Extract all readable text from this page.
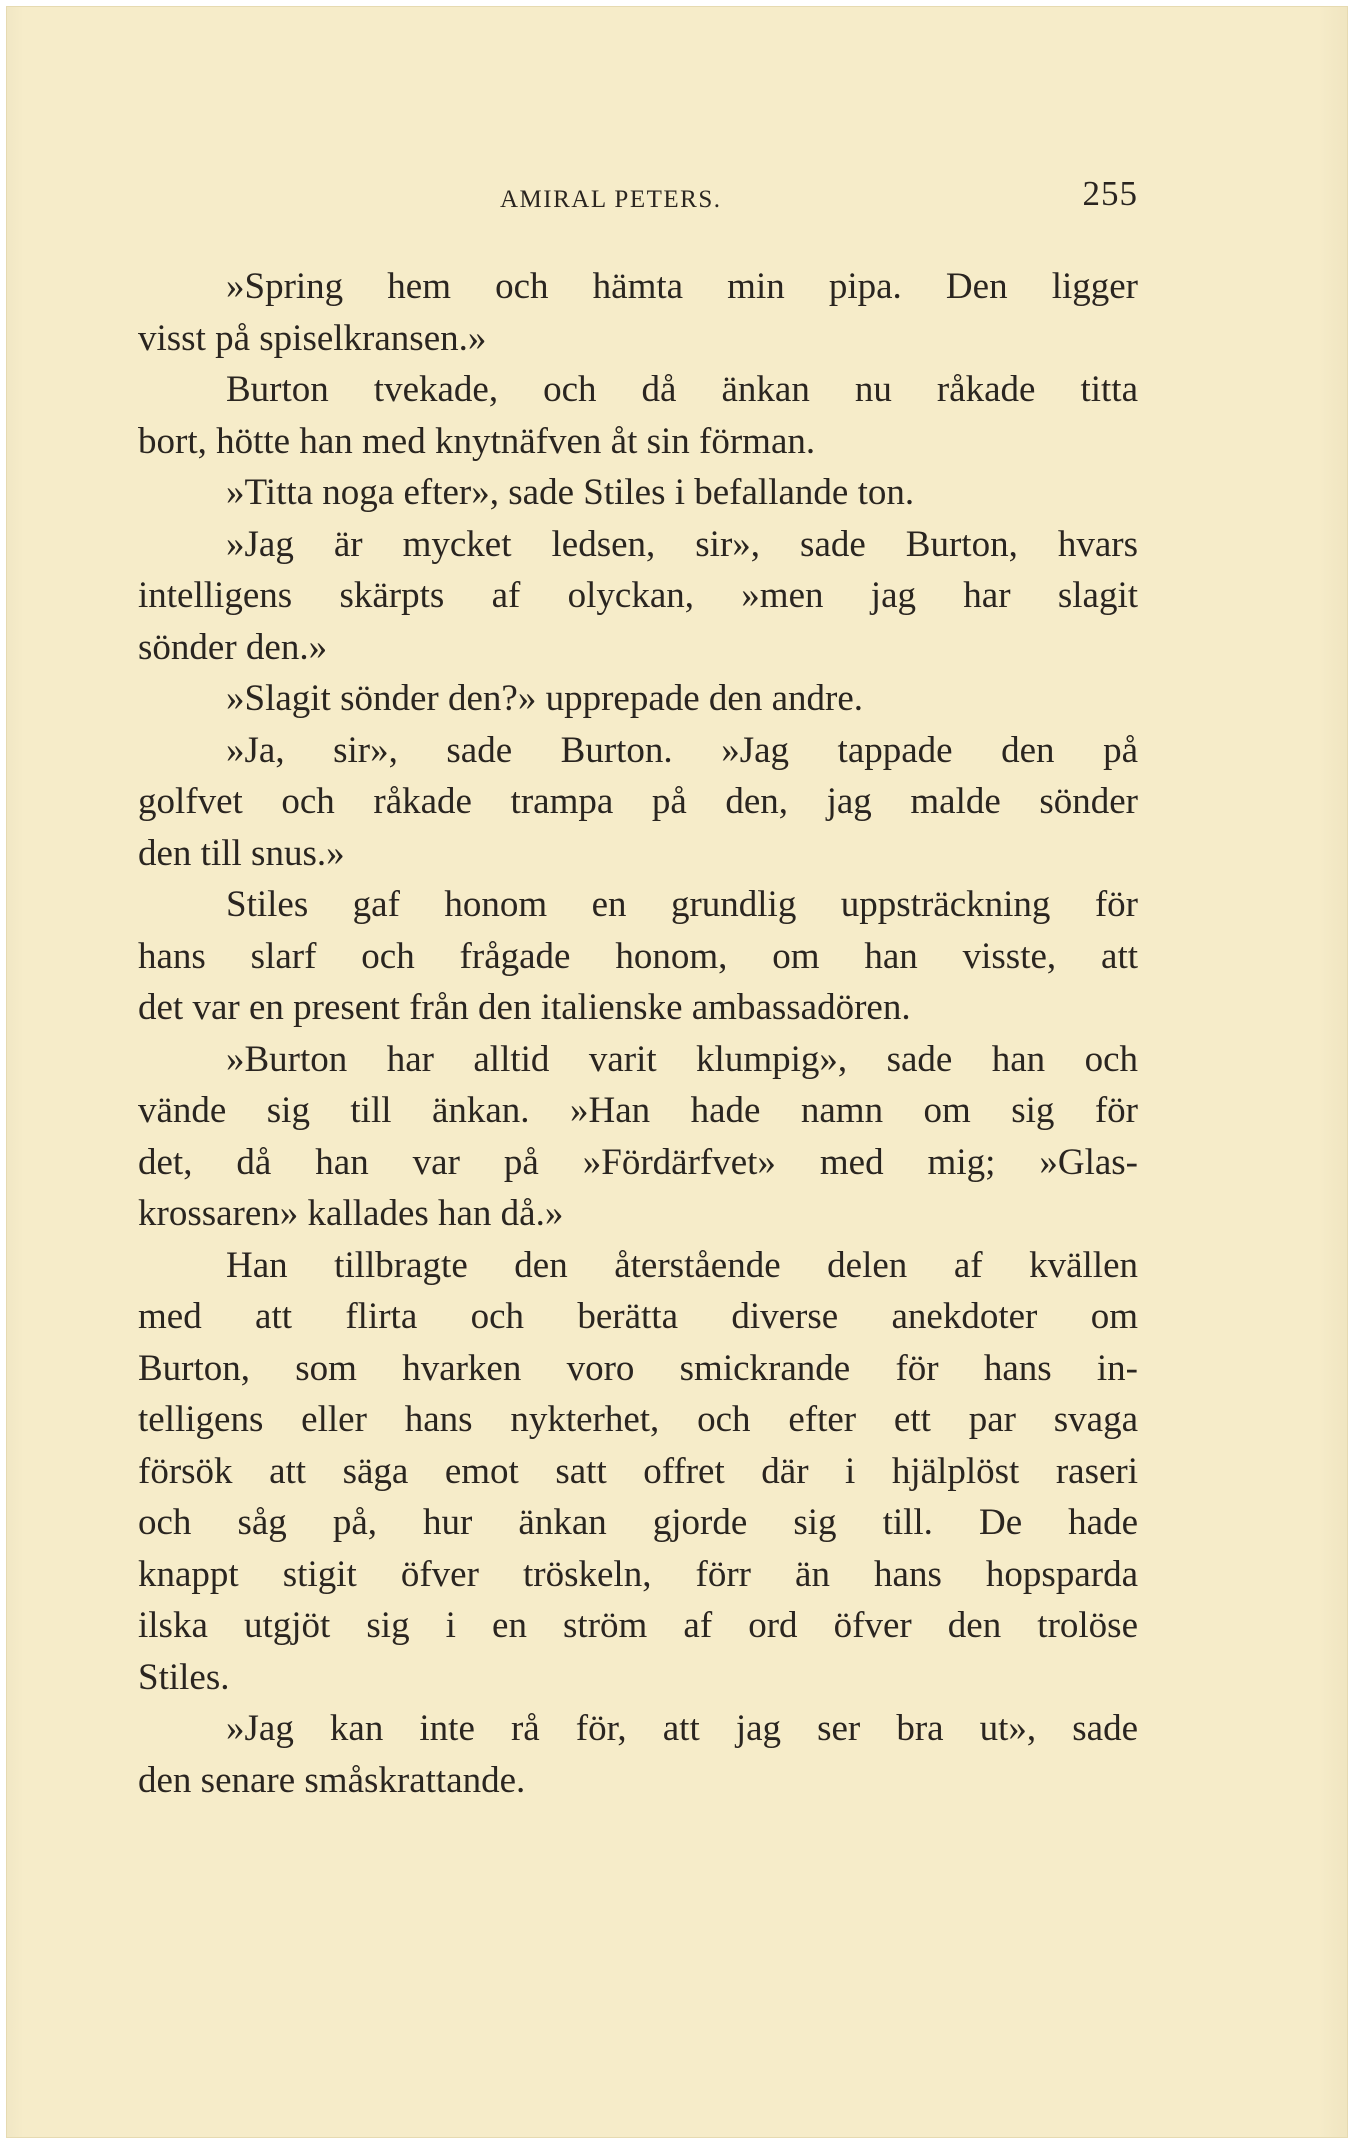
AMIRAL PETERS.	255
»Spring hem och hämta min pipa. Den ligger
visst på spiselkransen.»
Burton tvekade, och då änkan nu råkade titta
bort, hötte han med knytnäfven åt sin förman.
»Titta noga efter», sade Stiles i befallande ton.
»Jag är mycket ledsen, sir», sade Burton, hvars
intelligens skärpts af olyckan, »men jag har slagit
sönder den.»
»Slagit sönder den?» upprepade den andre.
»Ja, sir», sade Burton. »Jag tappade den på
golfvet och råkade trampa på den, jag malde sönder
den till snus.»
Stiles gaf honom en grundlig uppsträckning för
hans slarf och frågade honom, om han visste, att
det var en present från den italienske ambassadören.
»Burton har alltid varit klumpig», sade han och
vände sig till änkan. »Han hade namn om sig för
det, då han var på »Fördärfvet» med mig; »Glas-
krossaren» kallades han då.»
Han tillbragte den återstående delen af kvällen
med att flirta och berätta diverse anekdoter om
Burton, som hvarken voro smickrande för hans in-
telligens eller hans nykterhet, och efter ett par svaga
försök att säga emot satt offret där i hjälplöst raseri
och såg på, hur änkan gjorde sig till. De hade
knappt stigit öfver tröskeln, förr än hans hopsparda
ilska utgjöt sig i en ström af ord öfver den trolöse
Stiles.
»Jag kan inte rå för, att jag ser bra ut», sade
den senare småskrattande.
